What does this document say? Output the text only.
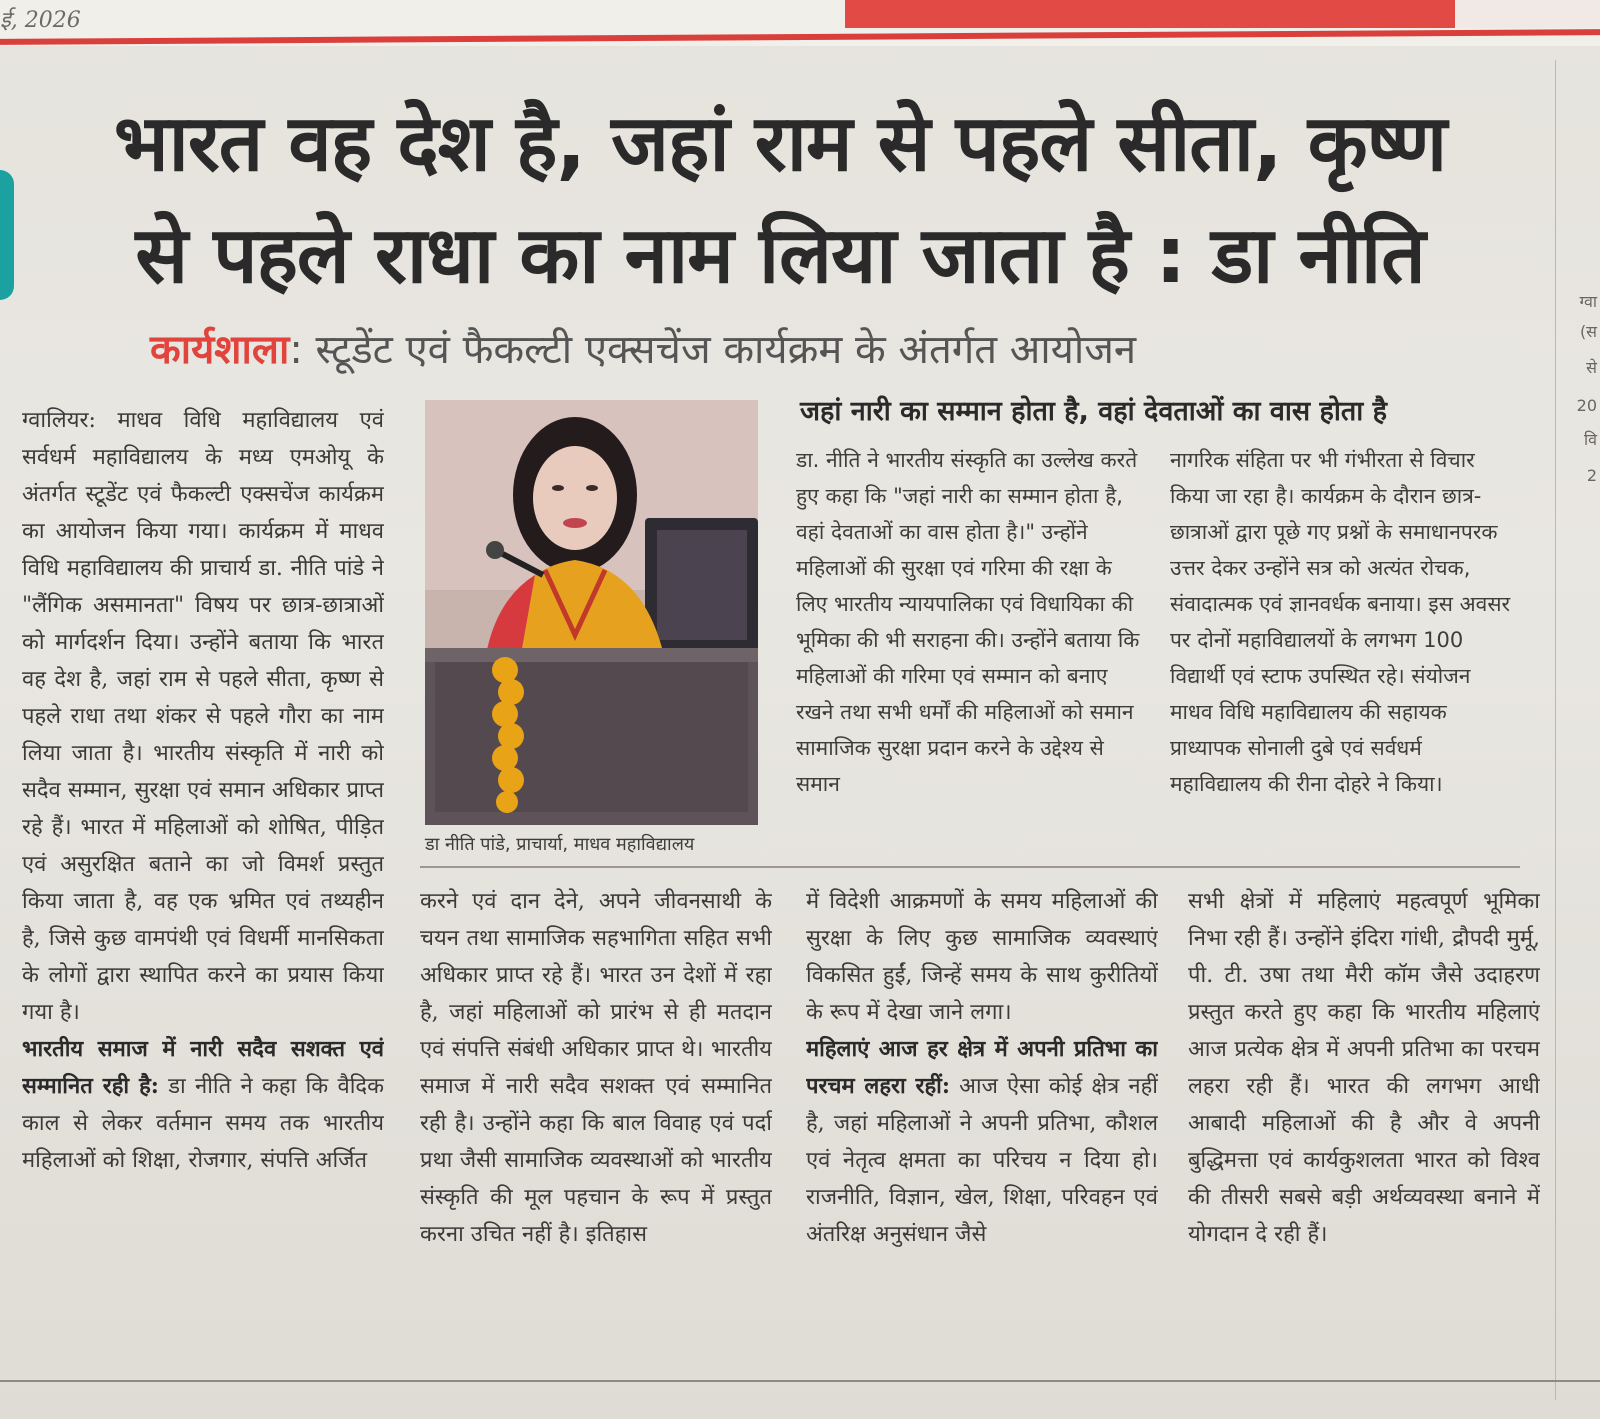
ई, 2026
ग्वा
(स
से
20
वि
2
भारत वह देश है, जहां राम से पहले सीता, कृष्ण
से पहले राधा का नाम लिया जाता है : डा नीति
कार्यशाला: स्टूडेंट एवं फैकल्टी एक्सचेंज कार्यक्रम के अंतर्गत आयोजन

ग्वालियर: माधव विधि महाविद्यालय एवं सर्वधर्म महाविद्यालय के मध्य एमओयू के अंतर्गत स्टूडेंट एवं फैकल्टी एक्सचेंज कार्यक्रम का आयोजन किया गया। कार्यक्रम में माधव विधि महाविद्यालय की प्राचार्य डा. नीति पांडे ने "लैंगिक असमानता" विषय पर छात्र-छात्राओं को मार्गदर्शन दिया। उन्होंने बताया कि भारत वह देश है, जहां राम से पहले सीता, कृष्ण से पहले राधा तथा शंकर से पहले गौरा का नाम लिया जाता है। भारतीय संस्कृति में नारी को सदैव सम्मान, सुरक्षा एवं समान अधिकार प्राप्त रहे हैं। भारत में महिलाओं को शोषित, पीड़ित एवं असुरक्षित बताने का जो विमर्श प्रस्तुत किया जाता है, वह एक भ्रमित एवं तथ्यहीन है, जिसे कुछ वामपंथी एवं विधर्मी मानसिकता के लोगों द्वारा स्थापित करने का प्रयास किया गया है।
भारतीय समाज में नारी सदैव सशक्त एवं सम्मानित रही है: डा नीति ने कहा कि वैदिक काल से लेकर वर्तमान समय तक भारतीय महिलाओं को शिक्षा, रोजगार, संपत्ति अर्जित

डा नीति पांडे, प्राचार्या, माधव महाविद्यालय
जहां नारी का सम्मान होता है, वहां देवताओं का वास होता है
डा. नीति ने भारतीय संस्कृति का उल्लेख करते हुए कहा कि "जहां नारी का सम्मान होता है, वहां देवताओं का वास होता है।" उन्होंने महिलाओं की सुरक्षा एवं गरिमा की रक्षा के लिए भारतीय न्यायपालिका एवं विधायिका की भूमिका की भी सराहना की। उन्होंने बताया कि महिलाओं की गरिमा एवं सम्मान को बनाए रखने तथा सभी धर्मों की महिलाओं को समान सामाजिक सुरक्षा प्रदान करने के उद्देश्य से समान
नागरिक संहिता पर भी गंभीरता से विचार किया जा रहा है। कार्यक्रम के दौरान छात्र-छात्राओं द्वारा पूछे गए प्रश्नों के समाधानपरक उत्तर देकर उन्होंने सत्र को अत्यंत रोचक, संवादात्मक एवं ज्ञानवर्धक बनाया। इस अवसर पर दोनों महाविद्यालयों के लगभग 100 विद्यार्थी एवं स्टाफ उपस्थित रहे। संयोजन माधव विधि महाविद्यालय की सहायक प्राध्यापक सोनाली दुबे एवं सर्वधर्म महाविद्यालय की रीना दोहरे ने किया।

करने एवं दान देने, अपने जीवनसाथी के चयन तथा सामाजिक सहभागिता सहित सभी अधिकार प्राप्त रहे हैं। भारत उन देशों में रहा है, जहां महिलाओं को प्रारंभ से ही मतदान एवं संपत्ति संबंधी अधिकार प्राप्त थे। भारतीय समाज में नारी सदैव सशक्त एवं सम्मानित रही है। उन्होंने कहा कि बाल विवाह एवं पर्दा प्रथा जैसी सामाजिक व्यवस्थाओं को भारतीय संस्कृति की मूल पहचान के रूप में प्रस्तुत करना उचित नहीं है। इतिहास

में विदेशी आक्रमणों के समय महिलाओं की सुरक्षा के लिए कुछ सामाजिक व्यवस्थाएं विकसित हुईं, जिन्हें समय के साथ कुरीतियों के रूप में देखा जाने लगा।
महिलाएं आज हर क्षेत्र में अपनी प्रतिभा का परचम लहरा रहीं: आज ऐसा कोई क्षेत्र नहीं है, जहां महिलाओं ने अपनी प्रतिभा, कौशल एवं नेतृत्व क्षमता का परिचय न दिया हो। राजनीति, विज्ञान, खेल, शिक्षा, परिवहन एवं अंतरिक्ष अनुसंधान जैसे

सभी क्षेत्रों में महिलाएं महत्वपूर्ण भूमिका निभा रही हैं। उन्होंने इंदिरा गांधी, द्रौपदी मुर्मू, पी. टी. उषा तथा मैरी कॉम जैसे उदाहरण प्रस्तुत करते हुए कहा कि भारतीय महिलाएं आज प्रत्येक क्षेत्र में अपनी प्रतिभा का परचम लहरा रही हैं। भारत की लगभग आधी आबादी महिलाओं की है और वे अपनी बुद्धिमत्ता एवं कार्यकुशलता भारत को विश्व की तीसरी सबसे बड़ी अर्थव्यवस्था बनाने में योगदान दे रही हैं।
